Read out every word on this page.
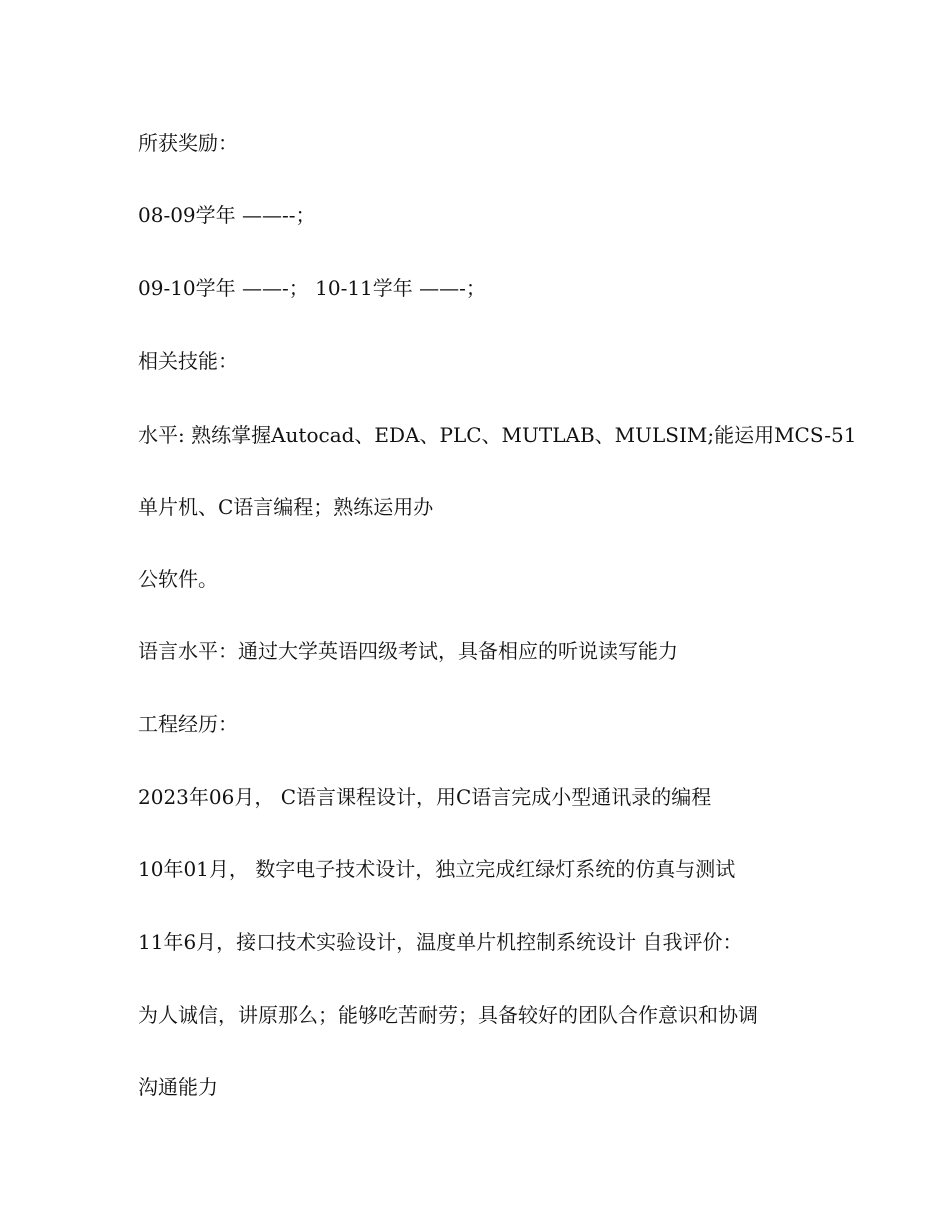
所获奖励：

08-09学年 ——--；

09-10学年 ——-； 10-11学年 ——-；

相关技能：

水平: 熟练掌握Autocad、EDA、PLC、MUTLAB、MULSIM;能运用MCS-51

单片机、C语言编程；熟练运用办

公软件。

语言水平：通过大学英语四级考试，具备相应的听说读写能力

工程经历：

2023年06月， C语言课程设计，用C语言完成小型通讯录的编程

10年01月， 数字电子技术设计，独立完成红绿灯系统的仿真与测试

11年6月，接口技术实验设计，温度单片机控制系统设计 自我评价：

为人诚信，讲原那么；能够吃苦耐劳；具备较好的团队合作意识和协调

沟通能力
